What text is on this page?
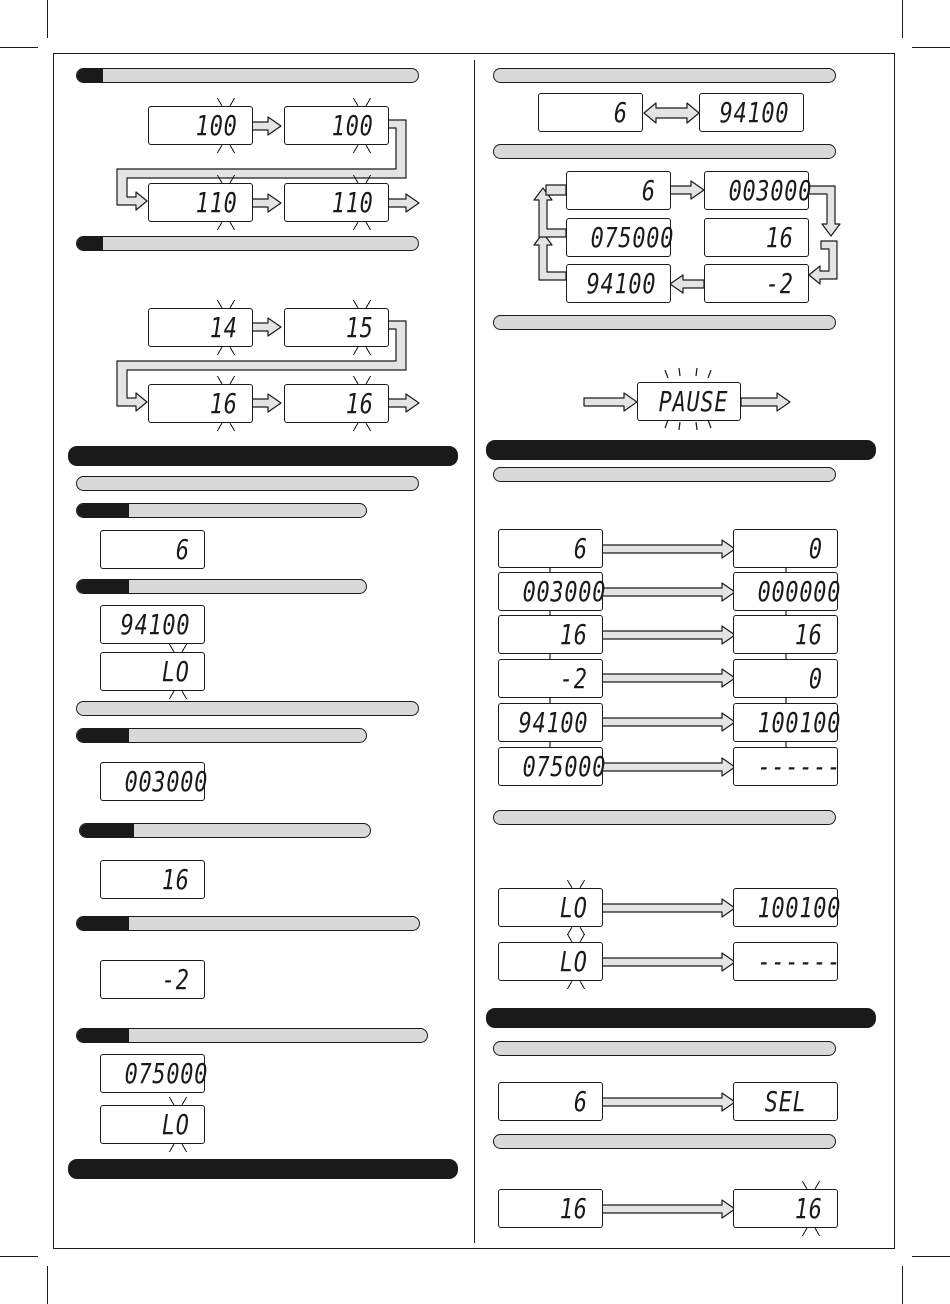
100	100
110	110
14	15
16	16
6
94100
LO
003000
16
-2
075000
LO
6	94100
6	003000
16
-2
94100
075000
PAUSE
6	0
003000	000000
16	16
-2	0
94100	100100
075000	------
LO	100100
LO	------
6	SEL
16	16
